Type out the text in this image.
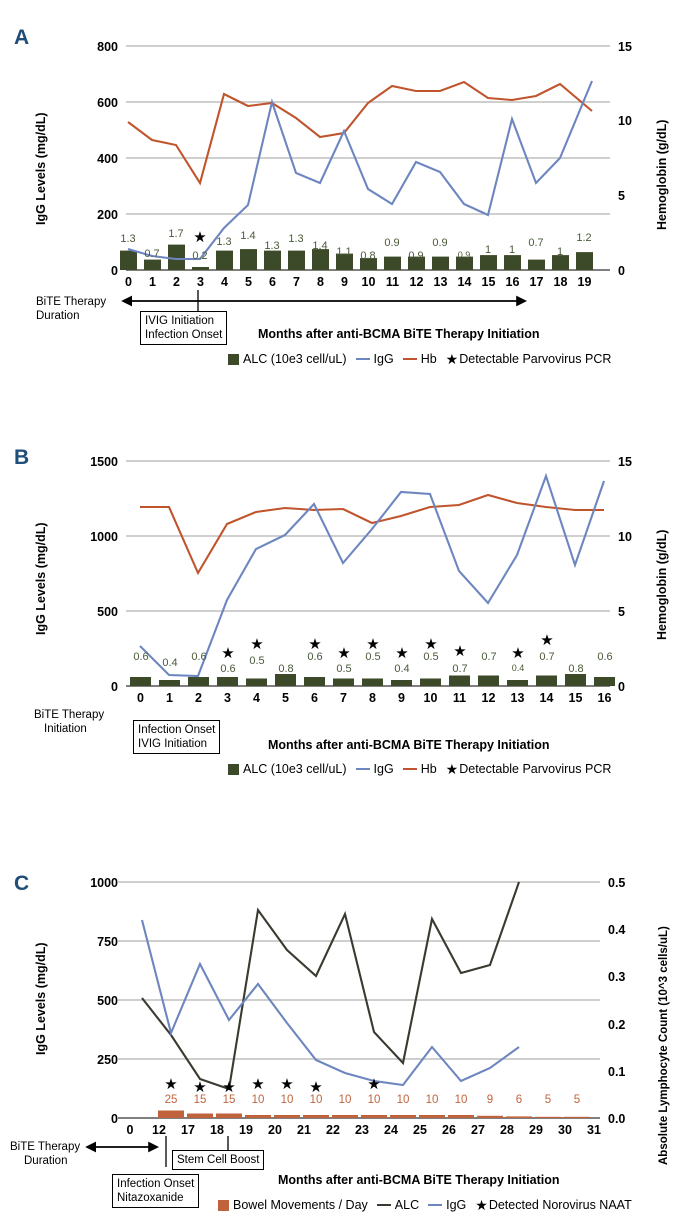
A
IgG Levels (mg/dL)	Hemoglobin (g/dL)
800
600
400
200
0
15
10
5
0
1.3
0.7
1.7
0.2
1.3 1.4
1.3
1.3
1.4 1.1 0.8
0.9
0.9
0.9
0.9	1	1
0.7
1
1.2
★
0	1	2	3	4	5	6	7	8	9	10 11 12 13 14 15 16 17 18 19
BiTE Therapy
Duration	IVIG Initiation
Infection Onset	Months after anti-BCMA BiTE Therapy Initiation
ALC (10e3 cell/uL) IgG Hb ★ Detectable Parvovirus PCR
B
IgG Levels (mg/dL)	Hemoglobin (g/dL)
1500
1000
500
0
15
10
5
0
0.6	0.4	0.6
0.6
0.5
0.8
0.6
0.5
0.5
0.4
0.5
0.7
0.7
0.4
0.7
0.8
0.6
★
★	★
★
★
★
★	★	★
★
0	1	2	3	4	5	6	7	8	9	10	11	12	13	14	15	16
BiTE Therapy
Initiation	Infection Onset
IVIG Initiation	Months after anti-BCMA BiTE Therapy Initiation
ALC (10e3 cell/uL) IgG Hb ★ Detectable Parvovirus PCR
C
IgG Levels (mg/dL)	Absolute Lymphocyte Count (10^3 cells/uL)
1000
750
500
250
0
0.5
0.4
0.3
0.2
0.1
0.0
25	15	15	10	10	10	10	10	10	10	10	9	6	5	5
★	★	★	★	★	★	★
0	12	17	18	19	20	21	22	23	24	25	26	27	28	29	30	31
BiTE Therapy
Duration	Stem Cell Boost
Infection Onset
Nitazoxanide
Months after anti-BCMA BiTE Therapy Initiation
Bowel Movements / Day ALC IgG ★ Detected Norovirus NAAT
